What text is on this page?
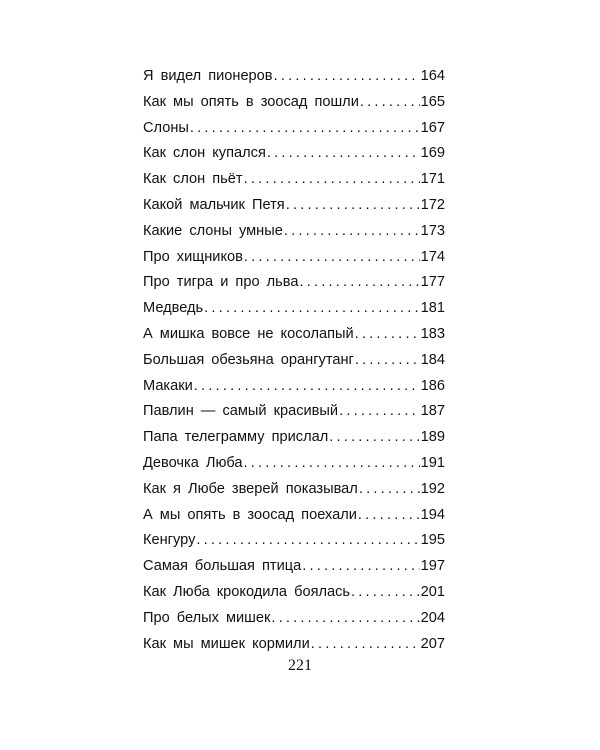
Я видел пионеров .....	164
Как мы опять в зоосад пошли .....	165
Слоны .....	167
Как слон купался .....	169
Как слон пьёт .....	171
Какой мальчик Петя .....	172
Какие слоны умные .....	173
Про хищников .....	174
Про тигра и про льва .....	177
Медведь .....	181
А мишка вовсе не косолапый .....	183
Большая обезьяна орангутанг .....	184
Макаки .....	186
Павлин — самый красивый .....	187
Папа телеграмму прислал .....	189
Девочка Люба .....	191
Как я Любе зверей показывал .....	192
А мы опять в зоосад поехали .....	194
Кенгуру .....	195
Самая большая птица .....	197
Как Люба крокодила боялась .....	201
Про белых мишек .....	204
Как мы мишек кормили .....	207
221
